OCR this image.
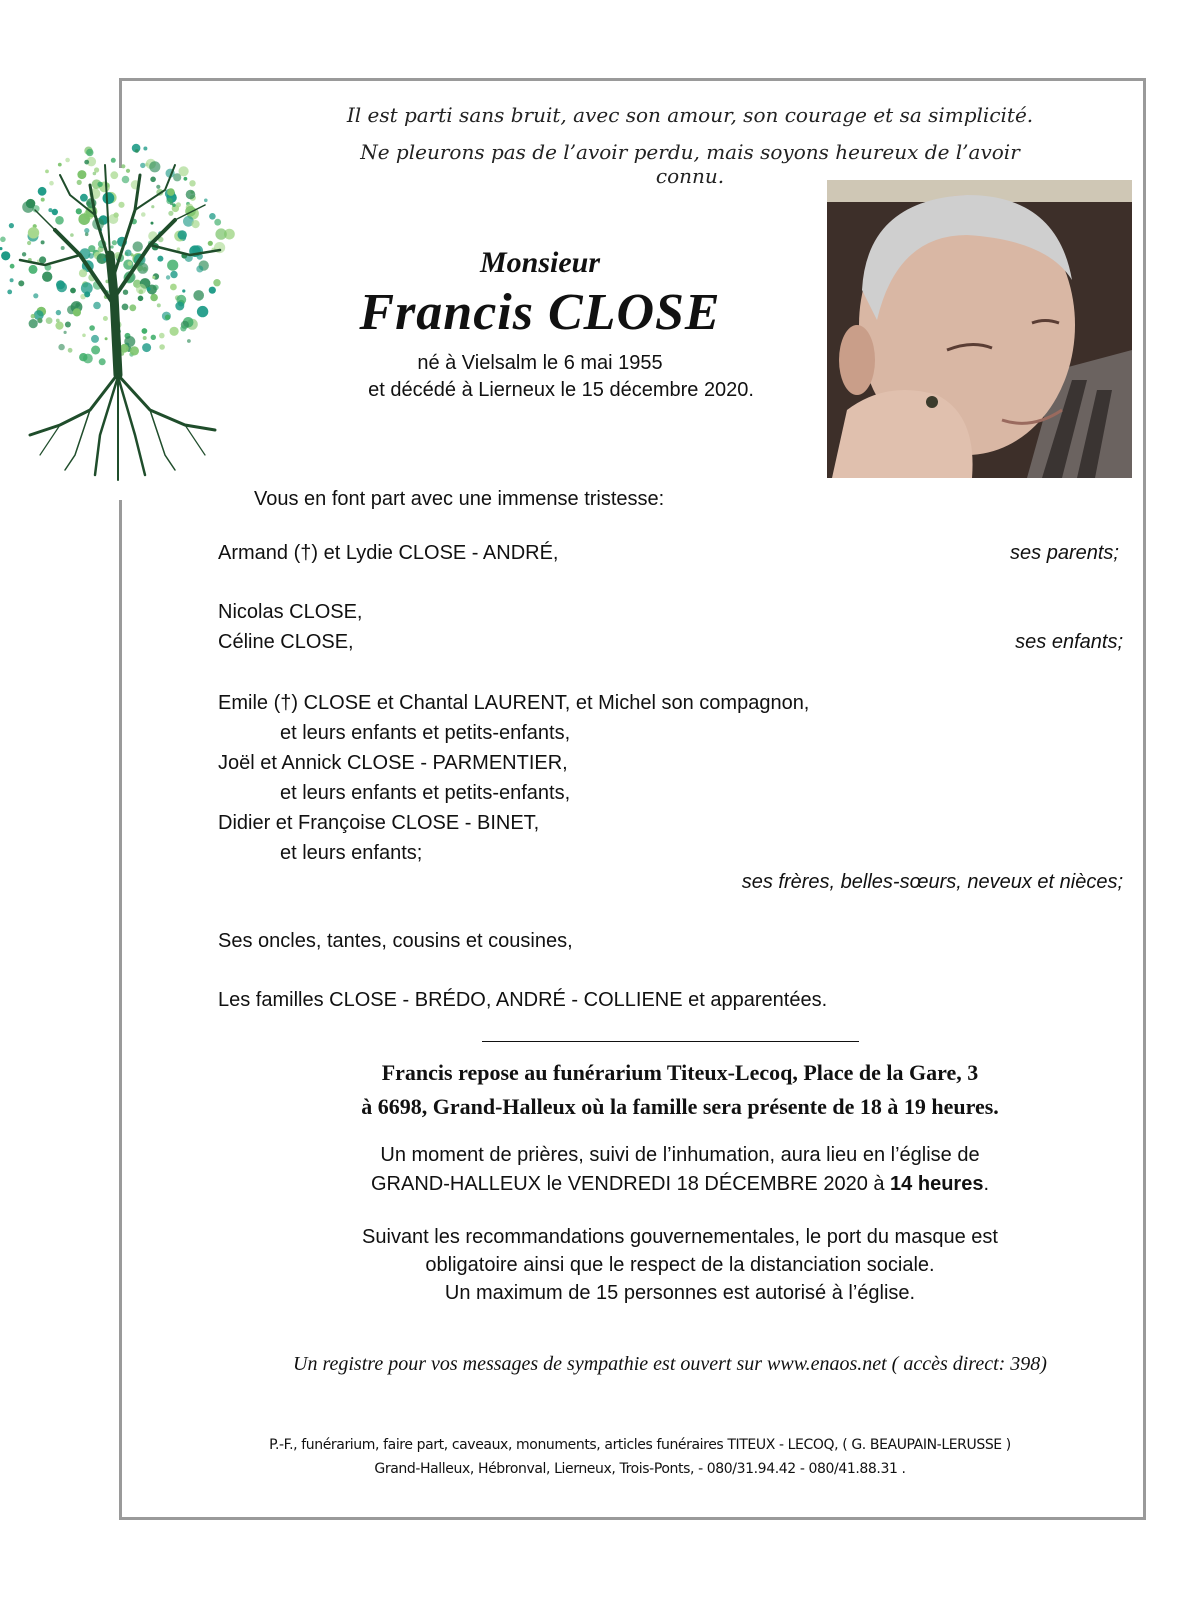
Il est parti sans bruit, avec son amour, son courage et sa simplicité.
Ne pleurons pas de l’avoir perdu, mais soyons heureux de l’avoir connu.
Monsieur
Francis CLOSE
né à Vielsalm le 6 mai 1955
et décédé à Lierneux le 15 décembre 2020.
Vous en font part avec une immense tristesse:
Armand (†) et Lydie CLOSE - ANDRÉ,	ses parents;
Nicolas CLOSE,
Céline CLOSE,	ses enfants;
Emile (†) CLOSE et Chantal LAURENT, et Michel son compagnon,
et leurs enfants et petits-enfants,
Joël et Annick CLOSE - PARMENTIER,
et leurs enfants et petits-enfants,
Didier et Françoise CLOSE - BINET,
et leurs enfants;
ses frères, belles-sœurs, neveux et nièces;
Ses oncles, tantes, cousins et cousines,
Les familles CLOSE - BRÉDO, ANDRÉ - COLLIENE et apparentées.
Francis repose au funérarium Titeux-Lecoq, Place de la Gare, 3
à 6698, Grand-Halleux où la famille sera présente de 18 à 19 heures.
Un moment de prières, suivi de l’inhumation, aura lieu en l’église de
GRAND-HALLEUX le VENDREDI 18 DÉCEMBRE 2020 à 14 heures.
Suivant les recommandations gouvernementales, le port du masque est
obligatoire ainsi que le respect de la distanciation sociale.
Un maximum de 15 personnes est autorisé à l’église.
Un registre pour vos messages de sympathie est ouvert sur www.enaos.net ( accès direct: 398)
P.-F., funérarium, faire part, caveaux, monuments, articles funéraires TITEUX - LECOQ, ( G. BEAUPAIN-LERUSSE )
Grand-Halleux, Hébronval, Lierneux, Trois-Ponts, - 080/31.94.42 - 080/41.88.31 .
